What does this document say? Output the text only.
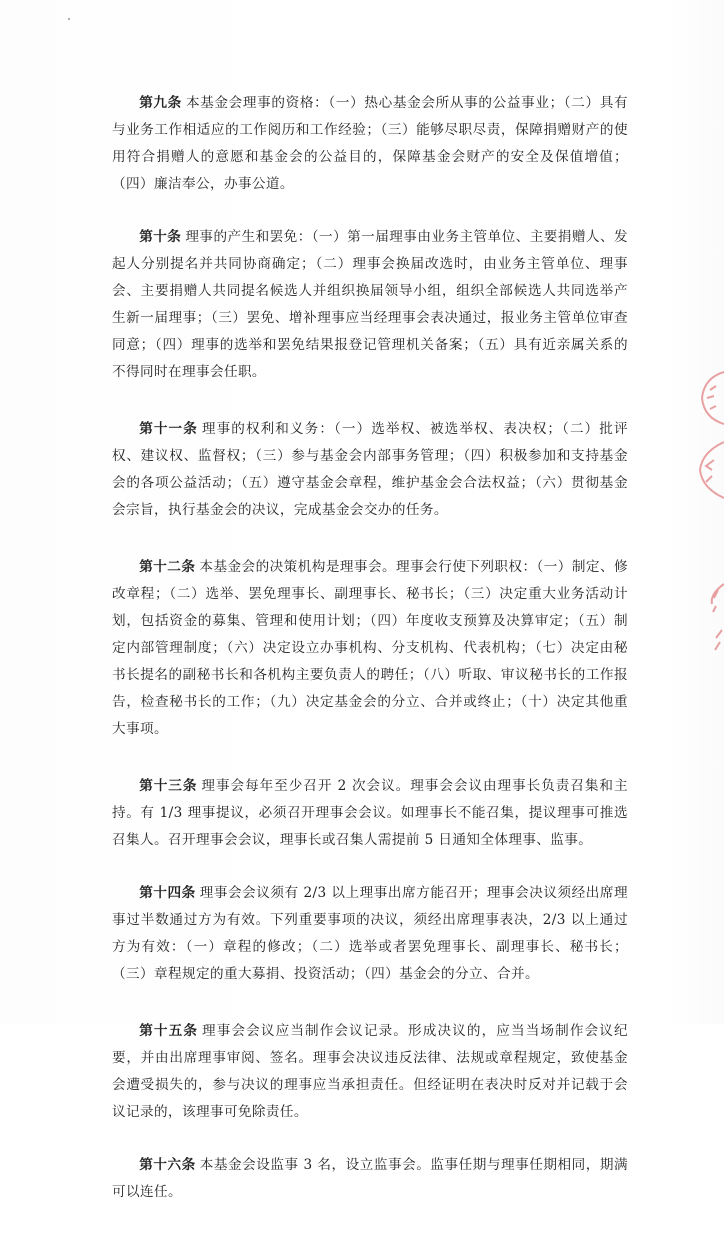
第九条 本基金会理事的资格：（一）热心基金会所从事的公益事业；（二）具有与业务工作相适应的工作阅历和工作经验；（三）能够尽职尽责，保障捐赠财产的使用符合捐赠人的意愿和基金会的公益目的，保障基金会财产的安全及保值增值；（四）廉洁奉公，办事公道。

第十条 理事的产生和罢免：（一）第一届理事由业务主管单位、主要捐赠人、发起人分别提名并共同协商确定；（二）理事会换届改选时，由业务主管单位、理事会、主要捐赠人共同提名候选人并组织换届领导小组，组织全部候选人共同选举产生新一届理事；（三）罢免、增补理事应当经理事会表决通过，报业务主管单位审查同意；（四）理事的选举和罢免结果报登记管理机关备案；（五）具有近亲属关系的不得同时在理事会任职。

第十一条 理事的权利和义务：（一）选举权、被选举权、表决权；（二）批评权、建议权、监督权；（三）参与基金会内部事务管理；（四）积极参加和支持基金会的各项公益活动；（五）遵守基金会章程，维护基金会合法权益；（六）贯彻基金会宗旨，执行基金会的决议，完成基金会交办的任务。

第十二条 本基金会的决策机构是理事会。理事会行使下列职权：（一）制定、修改章程；（二）选举、罢免理事长、副理事长、秘书长；（三）决定重大业务活动计划，包括资金的募集、管理和使用计划；（四）年度收支预算及决算审定；（五）制定内部管理制度；（六）决定设立办事机构、分支机构、代表机构；（七）决定由秘书长提名的副秘书长和各机构主要负责人的聘任；（八）听取、审议秘书长的工作报告，检查秘书长的工作；（九）决定基金会的分立、合并或终止；（十）决定其他重大事项。

第十三条 理事会每年至少召开 2 次会议。理事会会议由理事长负责召集和主持。有 1/3 理事提议，必须召开理事会会议。如理事长不能召集，提议理事可推选召集人。召开理事会会议，理事长或召集人需提前 5 日通知全体理事、监事。

第十四条 理事会会议须有 2/3 以上理事出席方能召开；理事会决议须经出席理事过半数通过方为有效。下列重要事项的决议，须经出席理事表决，2/3 以上通过方为有效：（一）章程的修改；（二）选举或者罢免理事长、副理事长、秘书长；（三）章程规定的重大募捐、投资活动；（四）基金会的分立、合并。

第十五条 理事会会议应当制作会议记录。形成决议的，应当当场制作会议纪要，并由出席理事审阅、签名。理事会决议违反法律、法规或章程规定，致使基金会遭受损失的，参与决议的理事应当承担责任。但经证明在表决时反对并记载于会议记录的，该理事可免除责任。

第十六条 本基金会设监事 3 名，设立监事会。监事任期与理事任期相同，期满可以连任。
